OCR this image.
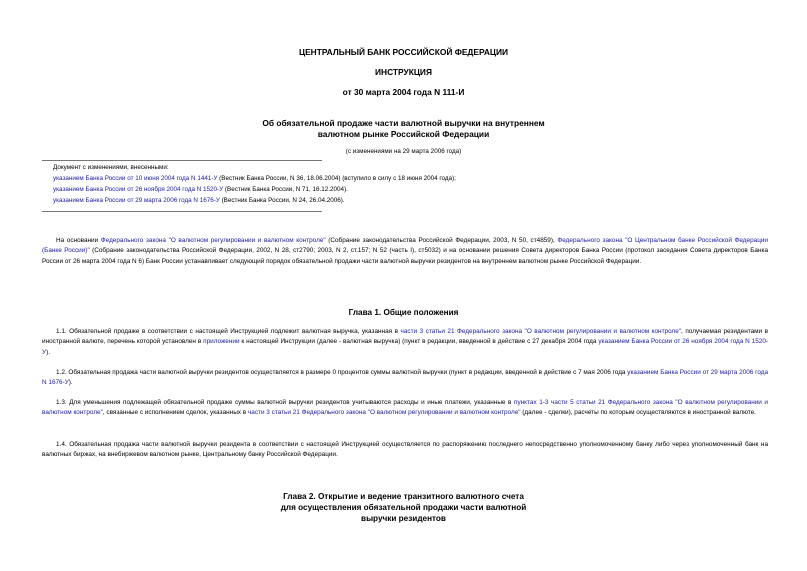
ЦЕНТРАЛЬНЫЙ БАНК РОССИЙСКОЙ ФЕДЕРАЦИИ
ИНСТРУКЦИЯ
от 30 марта 2004 года N 111-И
Об обязательной продаже части валютной выручки на внутреннем
валютном рынке Российской Федерации
(с изменениями на 29 марта 2006 года)
Документ с изменениями, внесенными:
указанием Банка России от 10 июня 2004 года N 1441-У (Вестник Банка России, N 36, 18.06.2004) (вступило в силу с 18 июня 2004 года);
указанием Банка России от 26 ноября 2004 года N 1520-У (Вестник Банка России, N 71, 16.12.2004).
указанием Банка России от 29 марта 2006 года N 1676-У (Вестник Банка России, N 24, 26.04.2006).
На основании Федерального закона "О валютном регулировании и валютном контроле" (Собрание законодательства Российской Федерации, 2003, N 50, ст4859), Федерального закона "О Центральном банке Российской Федерации (Банке России)" (Собрание законодательства Российской Федерации, 2002, N 28, ст2790; 2003, N 2, ст.157; N 52 (часть I), ст5032) и на основании решения Совета директоров Банка России (протокол заседания Совета директоров Банка России от 26 марта 2004 года N 6) Банк России устанавливает следующий порядок обязательной продажи части валютной выручки резидентов на внутреннем валютном рынке Российской Федерации.
Глава 1. Общие положения
1.1. Обязательной продаже в соответствии с настоящей Инструкцией подлежит валютная выручка, указанная в части 3 статьи 21 Федерального закона "О валютном регулировании и валютном контроле", получаемая резидентами в иностранной валюте, перечень которой установлен в приложении к настоящей Инструкции (далее - валютная выручка) (пункт в редакции, введенной в действие с 27 декабря 2004 года указанием Банка России от 26 ноября 2004 года N 1520-У).
1.2. Обязательная продажа части валютной выручки резидентов осуществляется в размере 0 процентов суммы валютной выручки (пункт в редакции, введенной в действие с 7 мая 2006 года указанием Банка России от 29 марта 2006 года N 1676-У).
1.3. Для уменьшения подлежащей обязательной продаже суммы валютной выручки резидентов учитываются расходы и иные платежи, указанные в пунктах 1-3 части 5 статьи 21 Федерального закона "О валютном регулировании и валютном контроле", связанные с исполнением сделок, указанных в части 3 статьи 21 Федерального закона "О валютном регулировании и валютном контроле" (далее - сделки), расчеты по которым осуществляются в иностранной валюте.
1.4. Обязательная продажа части валютной выручки резидента в соответствии с настоящей Инструкцией осуществляется по распоряжению последнего непосредственно уполномоченному банку либо через уполномоченный банк на валютных биржах, на внебиржевом валютном рынке, Центральному банку Российской Федерации.
Глава 2. Открытие и ведение транзитного валютного счета
для осуществления обязательной продажи части валютной
выручки резидентов
